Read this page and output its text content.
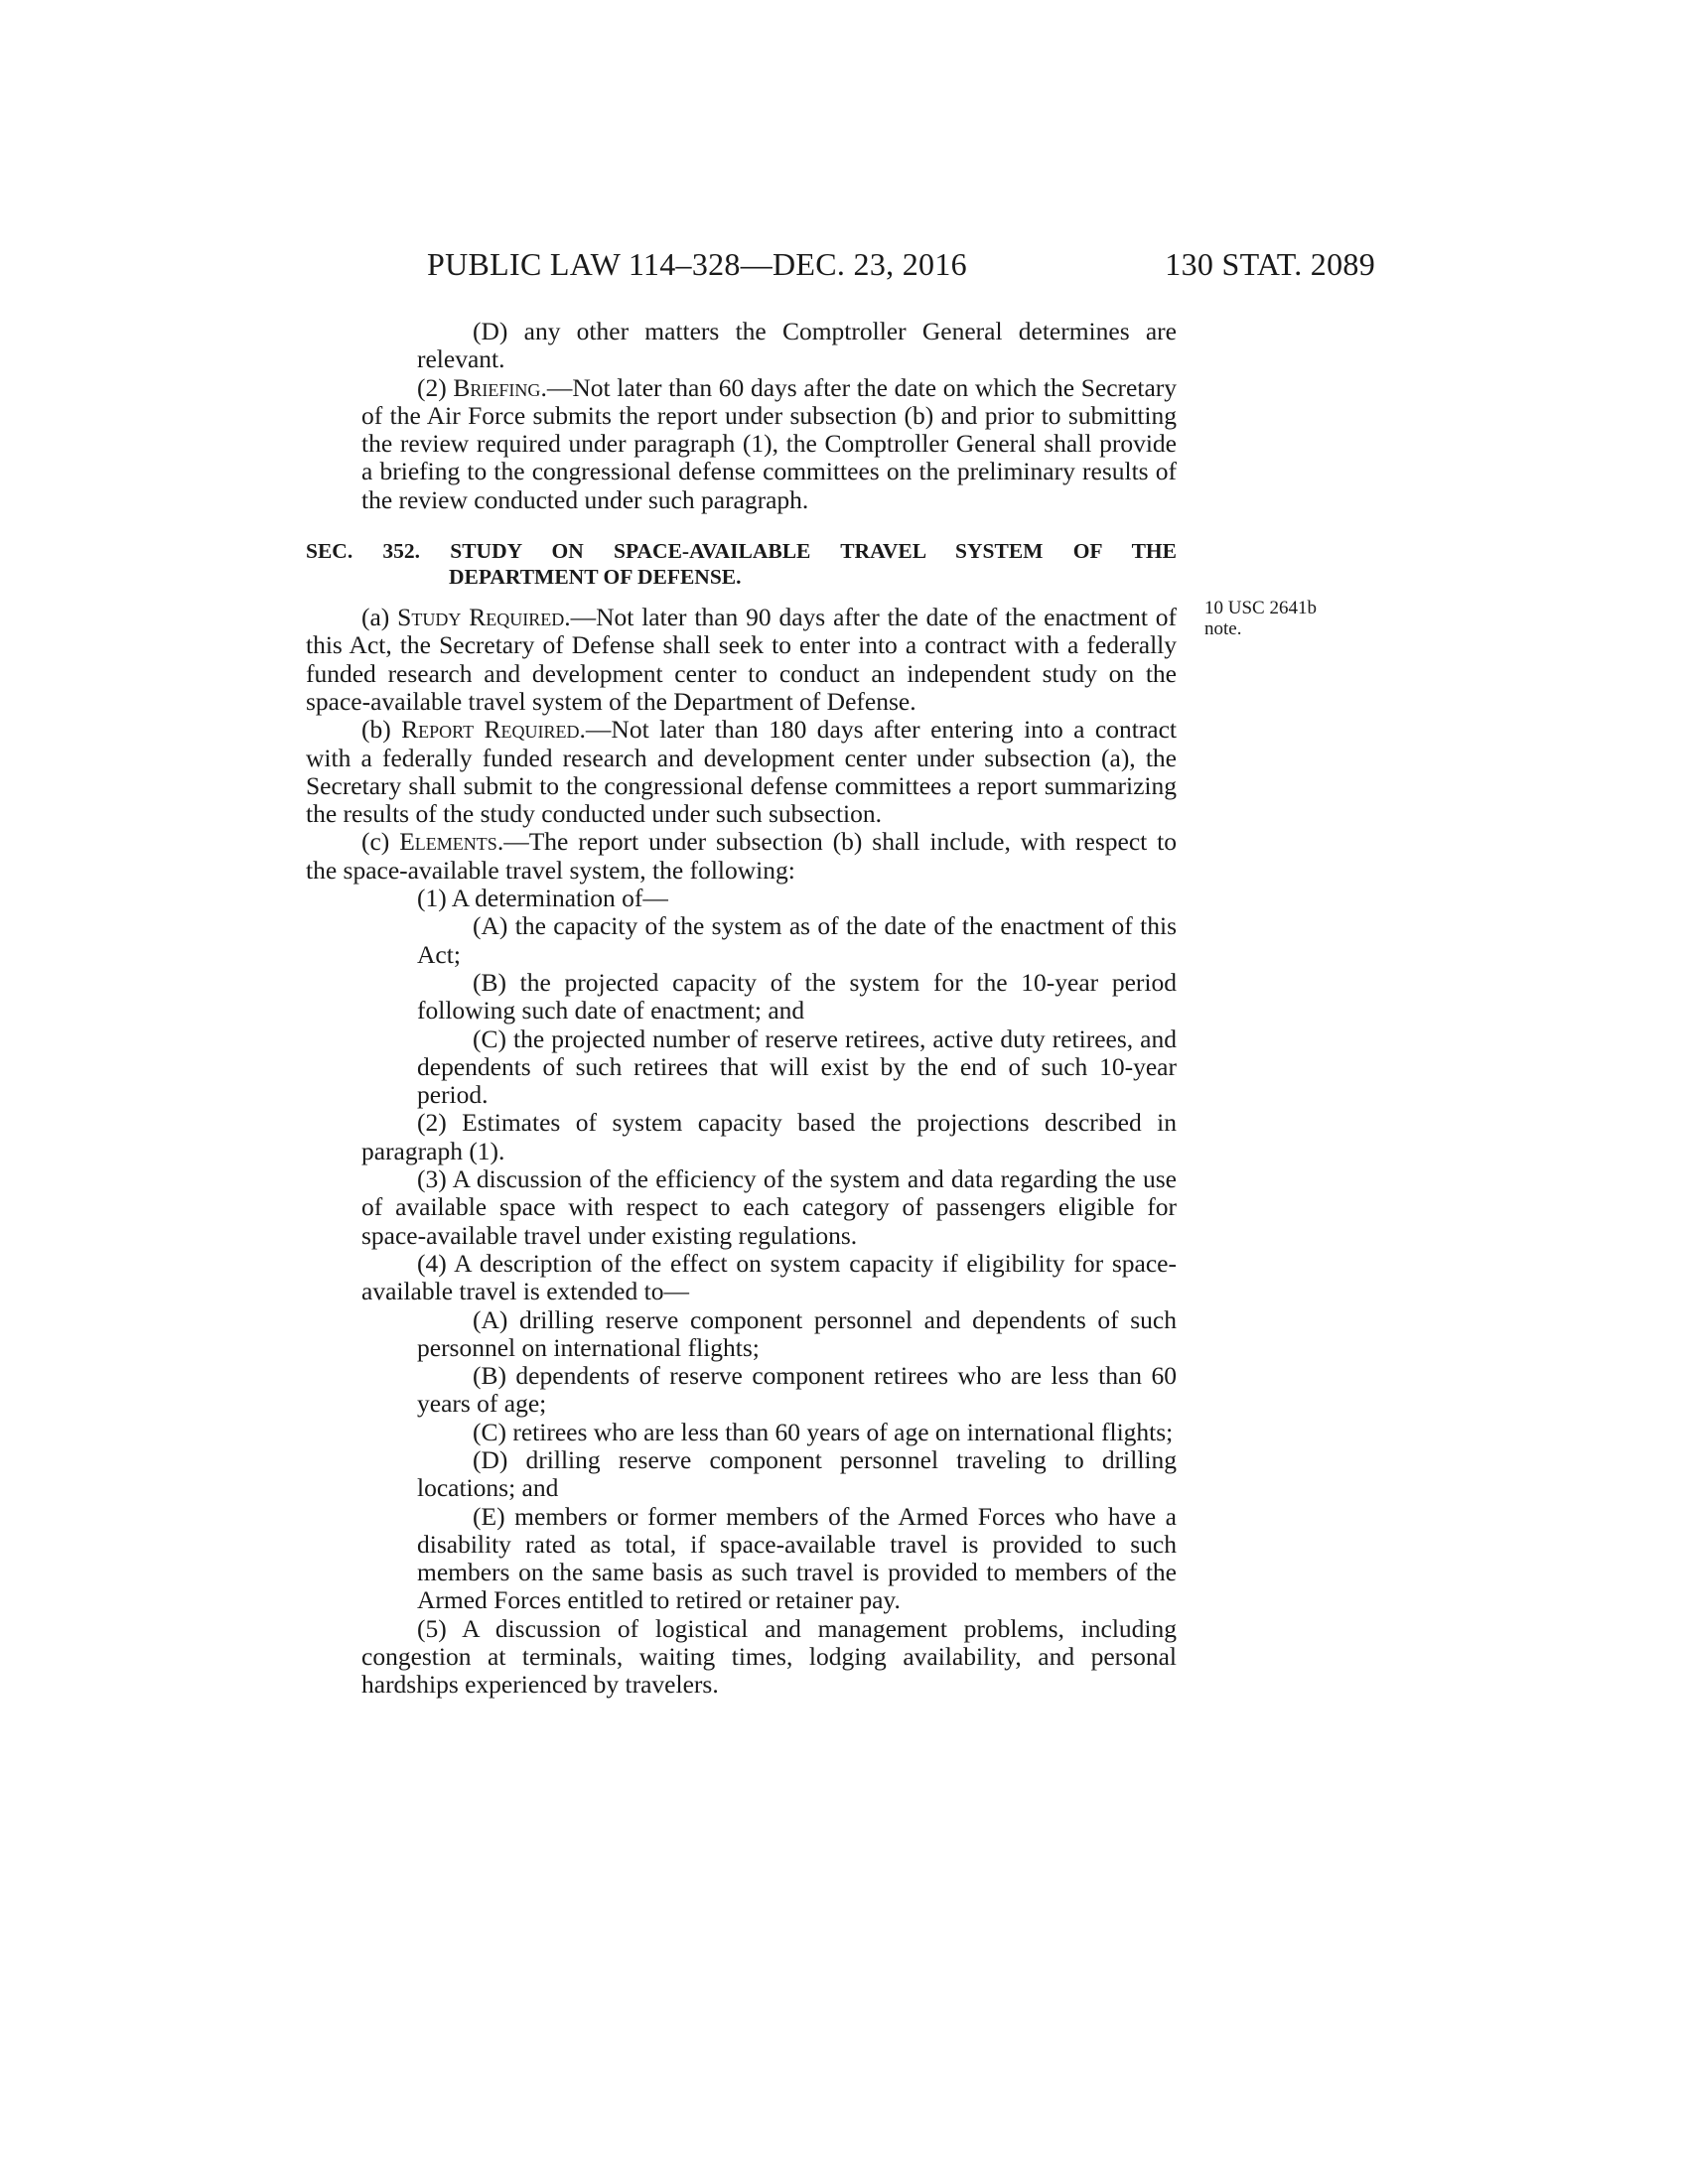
PUBLIC LAW 114–328—DEC. 23, 2016	130 STAT. 2089
10 USC 2641b
note.

(D) any other matters the Comptroller General determines are relevant.

(2) Briefing.—Not later than 60 days after the date on which the Secretary of the Air Force submits the report under subsection (b) and prior to submitting the review required under paragraph (1), the Comptroller General shall provide a briefing to the congressional defense committees on the preliminary results of the review conducted under such paragraph.

SEC. 352. STUDY ON SPACE-AVAILABLE TRAVEL SYSTEM OF THE
DEPARTMENT OF DEFENSE.

(a) Study Required.—Not later than 90 days after the date of the enactment of this Act, the Secretary of Defense shall seek to enter into a contract with a federally funded research and development center to conduct an independent study on the space-available travel system of the Department of Defense.

(b) Report Required.—Not later than 180 days after entering into a contract with a federally funded research and development center under subsection (a), the Secretary shall submit to the congressional defense committees a report summarizing the results of the study conducted under such subsection.

(c) Elements.—The report under subsection (b) shall include, with respect to the space-available travel system, the following:

(1) A determination of—

(A) the capacity of the system as of the date of the enactment of this Act;

(B) the projected capacity of the system for the 10-year period following such date of enactment; and

(C) the projected number of reserve retirees, active duty retirees, and dependents of such retirees that will exist by the end of such 10-year period.

(2) Estimates of system capacity based the projections described in paragraph (1).

(3) A discussion of the efficiency of the system and data regarding the use of available space with respect to each category of passengers eligible for space-available travel under existing regulations.

(4) A description of the effect on system capacity if eligibility for space-available travel is extended to—

(A) drilling reserve component personnel and dependents of such personnel on international flights;

(B) dependents of reserve component retirees who are less than 60 years of age;

(C) retirees who are less than 60 years of age on international flights;

(D) drilling reserve component personnel traveling to drilling locations; and

(E) members or former members of the Armed Forces who have a disability rated as total, if space-available travel is provided to such members on the same basis as such travel is provided to members of the Armed Forces entitled to retired or retainer pay.

(5) A discussion of logistical and management problems, including congestion at terminals, waiting times, lodging availability, and personal hardships experienced by travelers.
